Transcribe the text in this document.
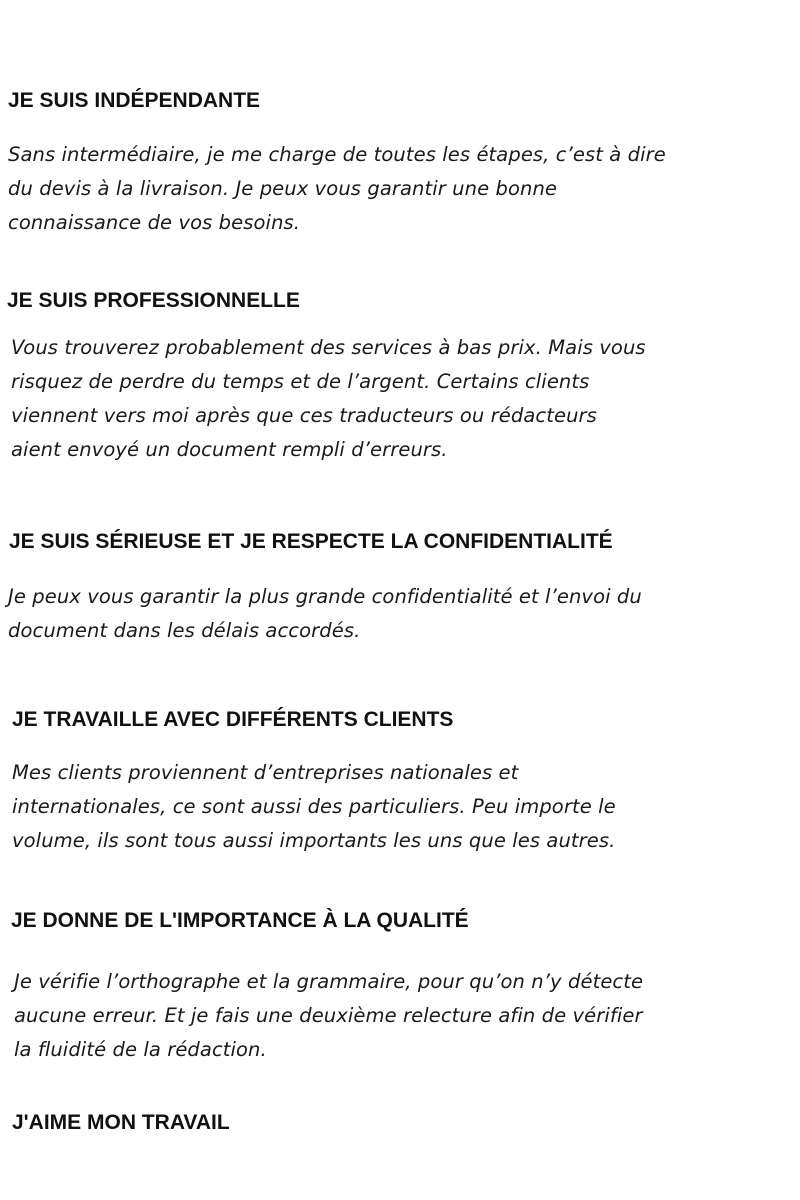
JE SUIS INDÉPENDANTE

Sans intermédiaire, je me charge de toutes les étapes, c’est à dire
du devis à la livraison. Je peux vous garantir une bonne
connaissance de vos besoins.

JE SUIS PROFESSIONNELLE

Vous trouverez probablement des services à bas prix. Mais vous
risquez de perdre du temps et de l’argent. Certains clients
viennent vers moi après que ces traducteurs ou rédacteurs
aient envoyé un document rempli d’erreurs.

JE SUIS SÉRIEUSE ET JE RESPECTE LA CONFIDENTIALITÉ

Je peux vous garantir la plus grande confidentialité et l’envoi du
document dans les délais accordés.

JE TRAVAILLE AVEC DIFFÉRENTS CLIENTS

Mes clients proviennent d’entreprises nationales et
internationales, ce sont aussi des particuliers. Peu importe le
volume, ils sont tous aussi importants les uns que les autres.

JE DONNE DE L'IMPORTANCE À LA QUALITÉ

Je vérifie l’orthographe et la grammaire, pour qu’on n’y détecte
aucune erreur. Et je fais une deuxième relecture afin de vérifier
la fluidité de la rédaction.

J'AIME MON TRAVAIL
